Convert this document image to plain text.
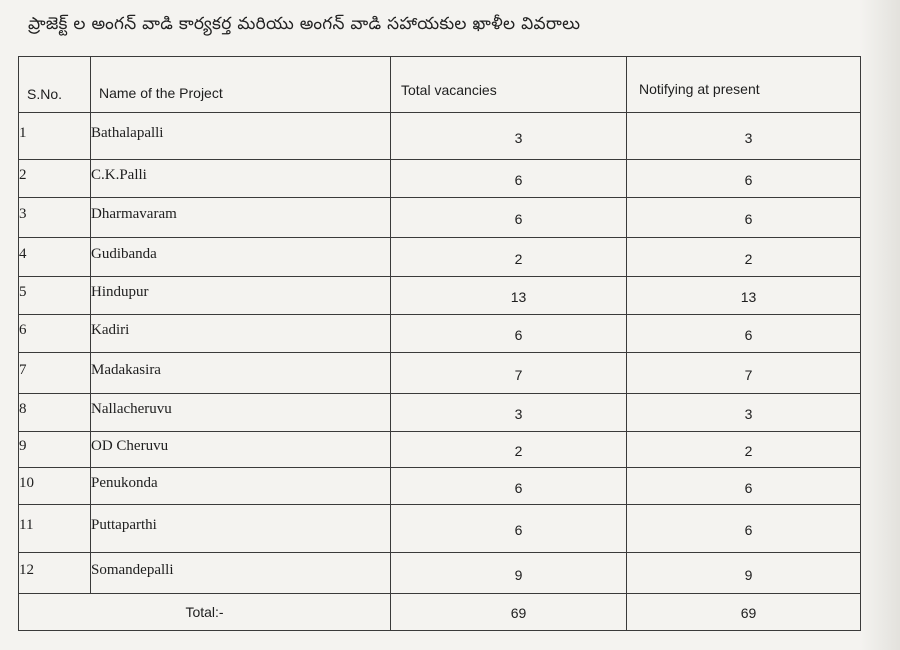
ప్రాజెక్ట్ ల అంగన్ వాడి కార్యకర్త మరియు అంగన్ వాడి సహాయకుల ఖాళీల వివరాలు
S.No.	Name of the Project	Total vacancies	Notifying at present

1	Bathalapalli	3	3

2	C.K.Palli	6	6

3	Dharmavaram	6	6

4	Gudibanda	2	2

5	Hindupur	13	13

6	Kadiri	6	6

7	Madakasira	7	7

8	Nallacheruvu	3	3

9	OD Cheruvu	2	2

10	Penukonda	6	6

11	Puttaparthi	6	6

12	Somandepalli	9	9

Total:-		69	69
